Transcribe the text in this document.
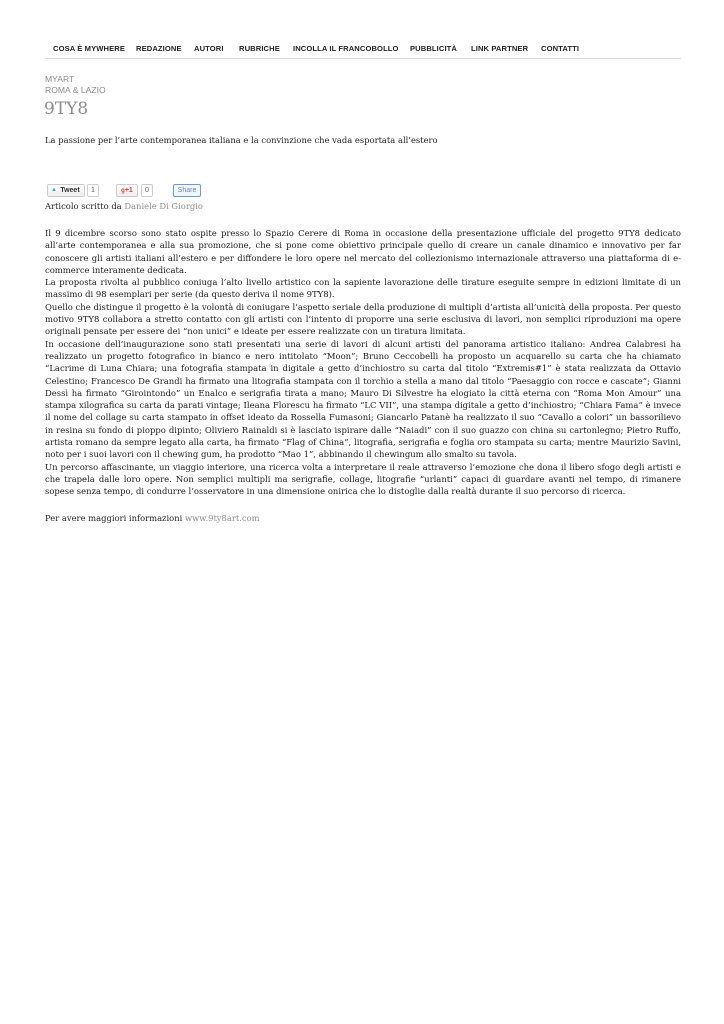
COSA È MYWHERE REDAZIONE AUTORI RUBRICHE INCOLLA IL FRANCOBOLLO PUBBLICITÀ LINK PARTNER CONTATTI
MYART
ROMA & LAZIO
9TY8
La passione per l’arte contemporanea italiana e la convinzione che vada esportata all’estero
▲ Tweet	1	g+1	0	Share
Articolo scritto da Daniele Di Giorgio

Il 9 dicembre scorso sono stato ospite presso lo Spazio Cerere di Roma in occasione della presentazione ufficiale del progetto 9TY8 dedicato all’arte contemporanea e alla sua promozione, che si pone come obiettivo principale quello di creare un canale dinamico e innovativo per far conoscere gli artisti italiani all’estero e per diffondere le loro opere nel mercato del collezionismo internazionale attraverso una piattaforma di e-commerce interamente dedicata.

La proposta rivolta al pubblico coniuga l’alto livello artistico con la sapiente lavorazione delle tirature eseguite sempre in edizioni limitate di un massimo di 98 esemplari per serie (da questo deriva il nome 9TY8).

Quello che distingue il progetto è la volontà di coniugare l’aspetto seriale della produzione di multipli d’artista all’unicità della proposta. Per questo motivo 9TY8 collabora a stretto contatto con gli artisti con l’intento di proporre una serie esclusiva di lavori, non semplici riproduzioni ma opere originali pensate per essere dei “non unici” e ideate per essere realizzate con un tiratura limitata.

In occasione dell’inaugurazione sono stati presentati una serie di lavori di alcuni artisti del panorama artistico italiano: Andrea Calabresi ha realizzato un progetto fotografico in bianco e nero intitolato “Moon”; Bruno Ceccobelli ha proposto un acquarello su carta che ha chiamato “Lacrime di Luna Chiara; una fotografia stampata in digitale a getto d’inchiostro su carta dal titolo “Extremis#1” è stata realizzata da Ottavio Celestino; Francesco De Grandi ha firmato una litografia stampata con il torchio a stella a mano dal titolo “Paesaggio con rocce e cascate”; Gianni Dessì ha firmato “Girointondo” un Enalco e serigrafia tirata a mano; Mauro Di Silvestre ha elogiato la città eterna con “Roma Mon Amour” una stampa xilografica su carta da parati vintage; Ileana Florescu ha firmato “LC VII”, una stampa digitale a getto d’inchiostro; “Chiara Fama” è invece il nome del collage su carta stampato in offset ideato da Rossella Fumasoni; Giancarlo Patanè ha realizzato il suo “Cavallo a colori” un bassorilievo in resina su fondo di pioppo dipinto; Oliviero Rainaldi si è lasciato ispirare dalle “Naiadi” con il suo guazzo con china su cartonlegno; Pietro Ruffo, artista romano da sempre legato alla carta, ha firmato “Flag of China”, litografia, serigrafia e foglia oro stampata su carta; mentre Maurizio Savini, noto per i suoi lavori con il chewing gum, ha prodotto “Mao 1”, abbinando il chewingum allo smalto su tavola.

Un percorso affascinante, un viaggio interiore, una ricerca volta a interpretare il reale attraverso l’emozione che dona il libero sfogo degli artisti e che trapela dalle loro opere. Non semplici multipli ma serigrafie, collage, litografie “urlanti” capaci di guardare avanti nel tempo, di rimanere sopese senza tempo, di condurre l’osservatore in una dimensione onirica che lo distoglie dalla realtà durante il suo percorso di ricerca.

Per avere maggiori informazioni www.9ty8art.com
